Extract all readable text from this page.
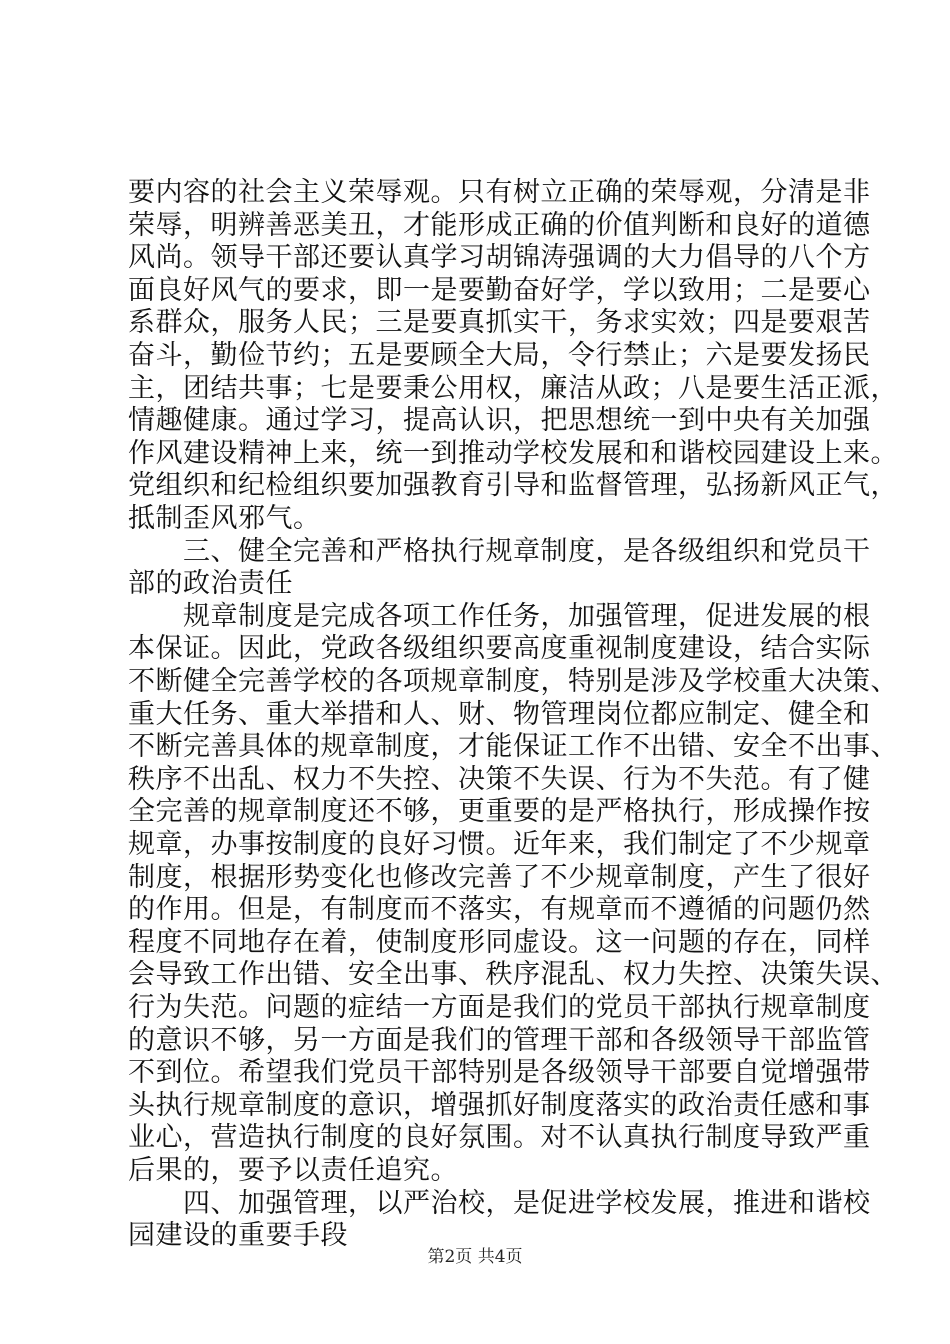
要内容的社会主义荣辱观。只有树立正确的荣辱观，分清是非
荣辱，明辨善恶美丑，才能形成正确的价值判断和良好的道德
风尚。领导干部还要认真学习胡锦涛强调的大力倡导的八个方
面良好风气的要求，即一是要勤奋好学，学以致用；二是要心
系群众，服务人民；三是要真抓实干，务求实效；四是要艰苦
奋斗，勤俭节约；五是要顾全大局，令行禁止；六是要发扬民
主，团结共事；七是要秉公用权，廉洁从政；八是要生活正派，
情趣健康。通过学习，提高认识，把思想统一到中央有关加强
作风建设精神上来，统一到推动学校发展和和谐校园建设上来。
党组织和纪检组织要加强教育引导和监督管理，弘扬新风正气，
抵制歪风邪气。
　　三、健全完善和严格执行规章制度，是各级组织和党员干
部的政治责任
　　规章制度是完成各项工作任务，加强管理，促进发展的根
本保证。因此，党政各级组织要高度重视制度建设，结合实际
不断健全完善学校的各项规章制度，特别是涉及学校重大决策、
重大任务、重大举措和人、财、物管理岗位都应制定、健全和
不断完善具体的规章制度，才能保证工作不出错、安全不出事、
秩序不出乱、权力不失控、决策不失误、行为不失范。有了健
全完善的规章制度还不够，更重要的是严格执行，形成操作按
规章，办事按制度的良好习惯。近年来，我们制定了不少规章
制度，根据形势变化也修改完善了不少规章制度，产生了很好
的作用。但是，有制度而不落实，有规章而不遵循的问题仍然
程度不同地存在着，使制度形同虚设。这一问题的存在，同样
会导致工作出错、安全出事、秩序混乱、权力失控、决策失误、
行为失范。问题的症结一方面是我们的党员干部执行规章制度
的意识不够，另一方面是我们的管理干部和各级领导干部监管
不到位。希望我们党员干部特别是各级领导干部要自觉增强带
头执行规章制度的意识，增强抓好制度落实的政治责任感和事
业心，营造执行制度的良好氛围。对不认真执行制度导致严重
后果的，要予以责任追究。
　　四、加强管理，以严治校，是促进学校发展，推进和谐校
园建设的重要手段
第2页 共4页
